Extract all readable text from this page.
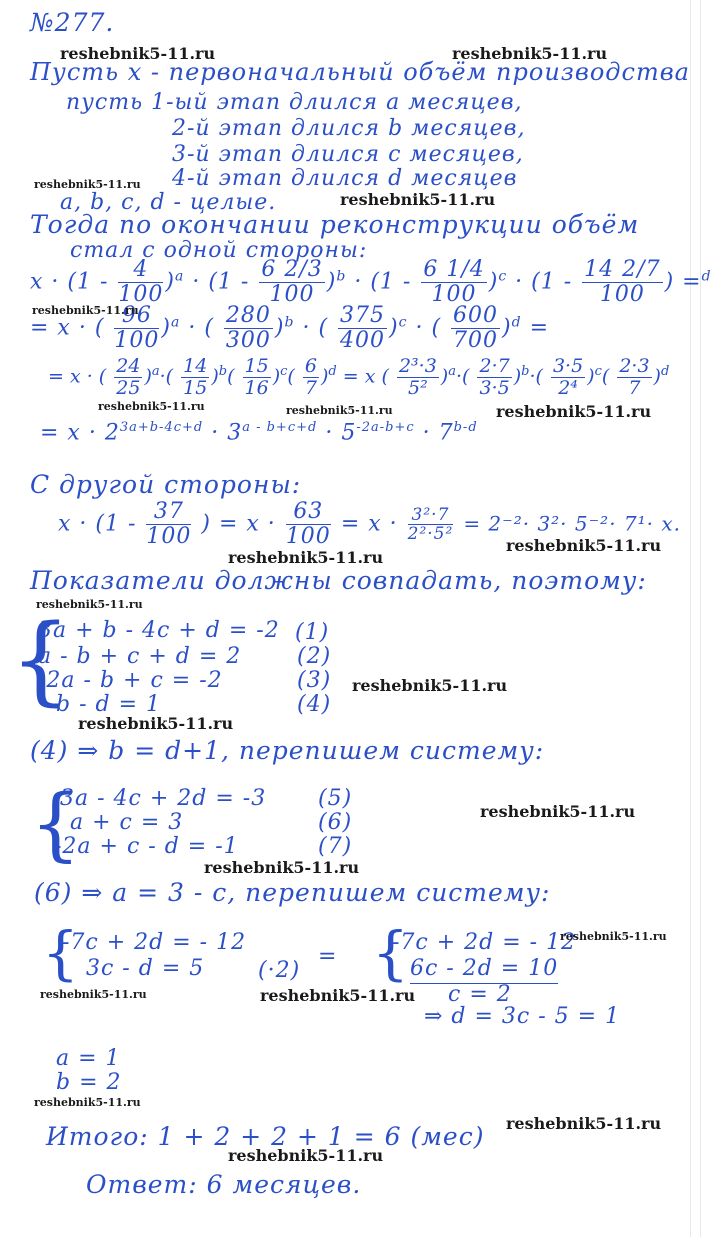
№277.
Пусть x - первоначальный объём производства
пусть 1-ый этап длился a месяцев,
2-й этап длился b месяцев,
3-й этап длился c месяцев,
4-й этап длился d месяцев
a, b, c, d - целые.
Тогда по окончании реконструкции объём
стал с одной стороны:
$x \cdot (1 - \frac{4}{100} )^a \cdot (1 - \frac{6 2/3}{100} )^b \cdot (1 - \frac{6 1/4}{100} )^c \cdot (1 - \frac{14 2/7}{100}$ ) =$^d$
= x · ( $\frac{96}{100} )^a$ · ( $\frac{280}{300} )^b$ · ( $\frac{375}{400} )^c$ · ( $\frac{600}{700} )^d$ =
= x · ( $\frac{24}{25} )^a\cdot( \frac{14}{15} )^b( \frac{15}{16} )^c( \frac{6}{7} )^d = x$ ( $\frac{\text{2³·3}}{\text{5²}} )^a\cdot( \frac{2\cdot 7}{3\cdot 5} )^b\cdot( \frac{3\cdot 5}{\text{2⁴}} )^c( \frac{2\cdot 3}{7} )^d$
= $x \cdot 2^{3a+b-4c+d} \cdot 3^{a - b+c+d} \cdot 5^{-2a-b+c} \cdot 7^{b-d}$
С другой стороны:
$x \cdot (1 - \frac{37}{100}$ ) = $x \cdot \frac{63}{100} = x \cdot \frac{\text{3²·7}}{\text{2²·5²}} = 2^{-2}\cdot 3^2\cdot 5^{-2}\cdot 7^1\cdot x$.
Показатели должны совпадать, поэтому:
{
3a + b - 4c + d = -2 (1)
a - b + c + d = 2	(2)
-2a - b + c = -2	(3)
b - d = 1	(4)
(4) ⇒ b = d+1, перепишем систему:
{
3a - 4c + 2d = -3 (5)
a + c = 3	(6)
-2a + c - d = -1	(7)
(6) ⇒ a = 3 - c, перепишем систему:
{
-7c + 2d = - 12
3c - d = 5 (·2)
= {
-7c + 2d = - 12
6c - 2d = 10
c = 2
⇒ d = 3c - 5 = 1
a = 1
b = 2
Итого: 1 + 2 + 2 + 1 = 6 (мес)
Ответ: 6 месяцев.
reshebnik5-11.ru	reshebnik5-11.ru
reshebnik5-11.ru
reshebnik5-11.ru
reshebnik5-11.ru
reshebnik5-11.ru	reshebnik5-11.ru	reshebnik5-11.ru
reshebnik5-11.ru
reshebnik5-11.ru
reshebnik5-11.ru
reshebnik5-11.ru
reshebnik5-11.ru
reshebnik5-11.ru
reshebnik5-11.ru
reshebnik5-11.ru
reshebnik5-11.ru	reshebnik5-11.ru
reshebnik5-11.ru
reshebnik5-11.ru
reshebnik5-11.ru
